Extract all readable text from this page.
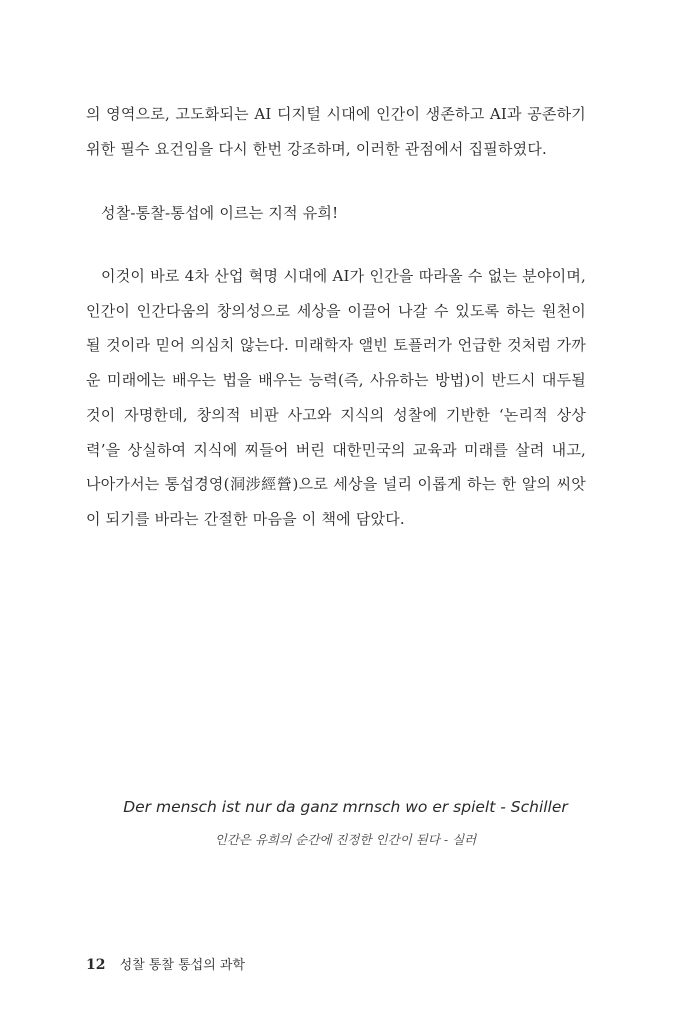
의 영역으로, 고도화되는 AI 디지털 시대에 인간이 생존하고 AI과 공존하기 위한 필수 요건임을 다시 한번 강조하며, 이러한 관점에서 집필하였다.

성찰-통찰-통섭에 이르는 지적 유희!

이것이 바로 4차 산업 혁명 시대에 AI가 인간을 따라올 수 없는 분야이며, 인간이 인간다움의 창의성으로 세상을 이끌어 나갈 수 있도록 하는 원천이 될 것이라 믿어 의심치 않는다. 미래학자 앨빈 토플러가 언급한 것처럼 가까운 미래에는 배우는 법을 배우는 능력(즉, 사유하는 방법)이 반드시 대두될 것이 자명한데, 창의적 비판 사고와 지식의 성찰에 기반한 ‘논리적 상상력’을 상실하여 지식에 찌들어 버린 대한민국의 교육과 미래를 살려 내고, 나아가서는 통섭경영(洞涉經營)으로 세상을 널리 이롭게 하는 한 알의 씨앗이 되기를 바라는 간절한 마음을 이 책에 담았다.

Der mensch ist nur da ganz mrnsch wo er spielt - Schiller

인간은 유희의 순간에 진정한 인간이 된다 - 실러

12 성찰 통찰 통섭의 과학
